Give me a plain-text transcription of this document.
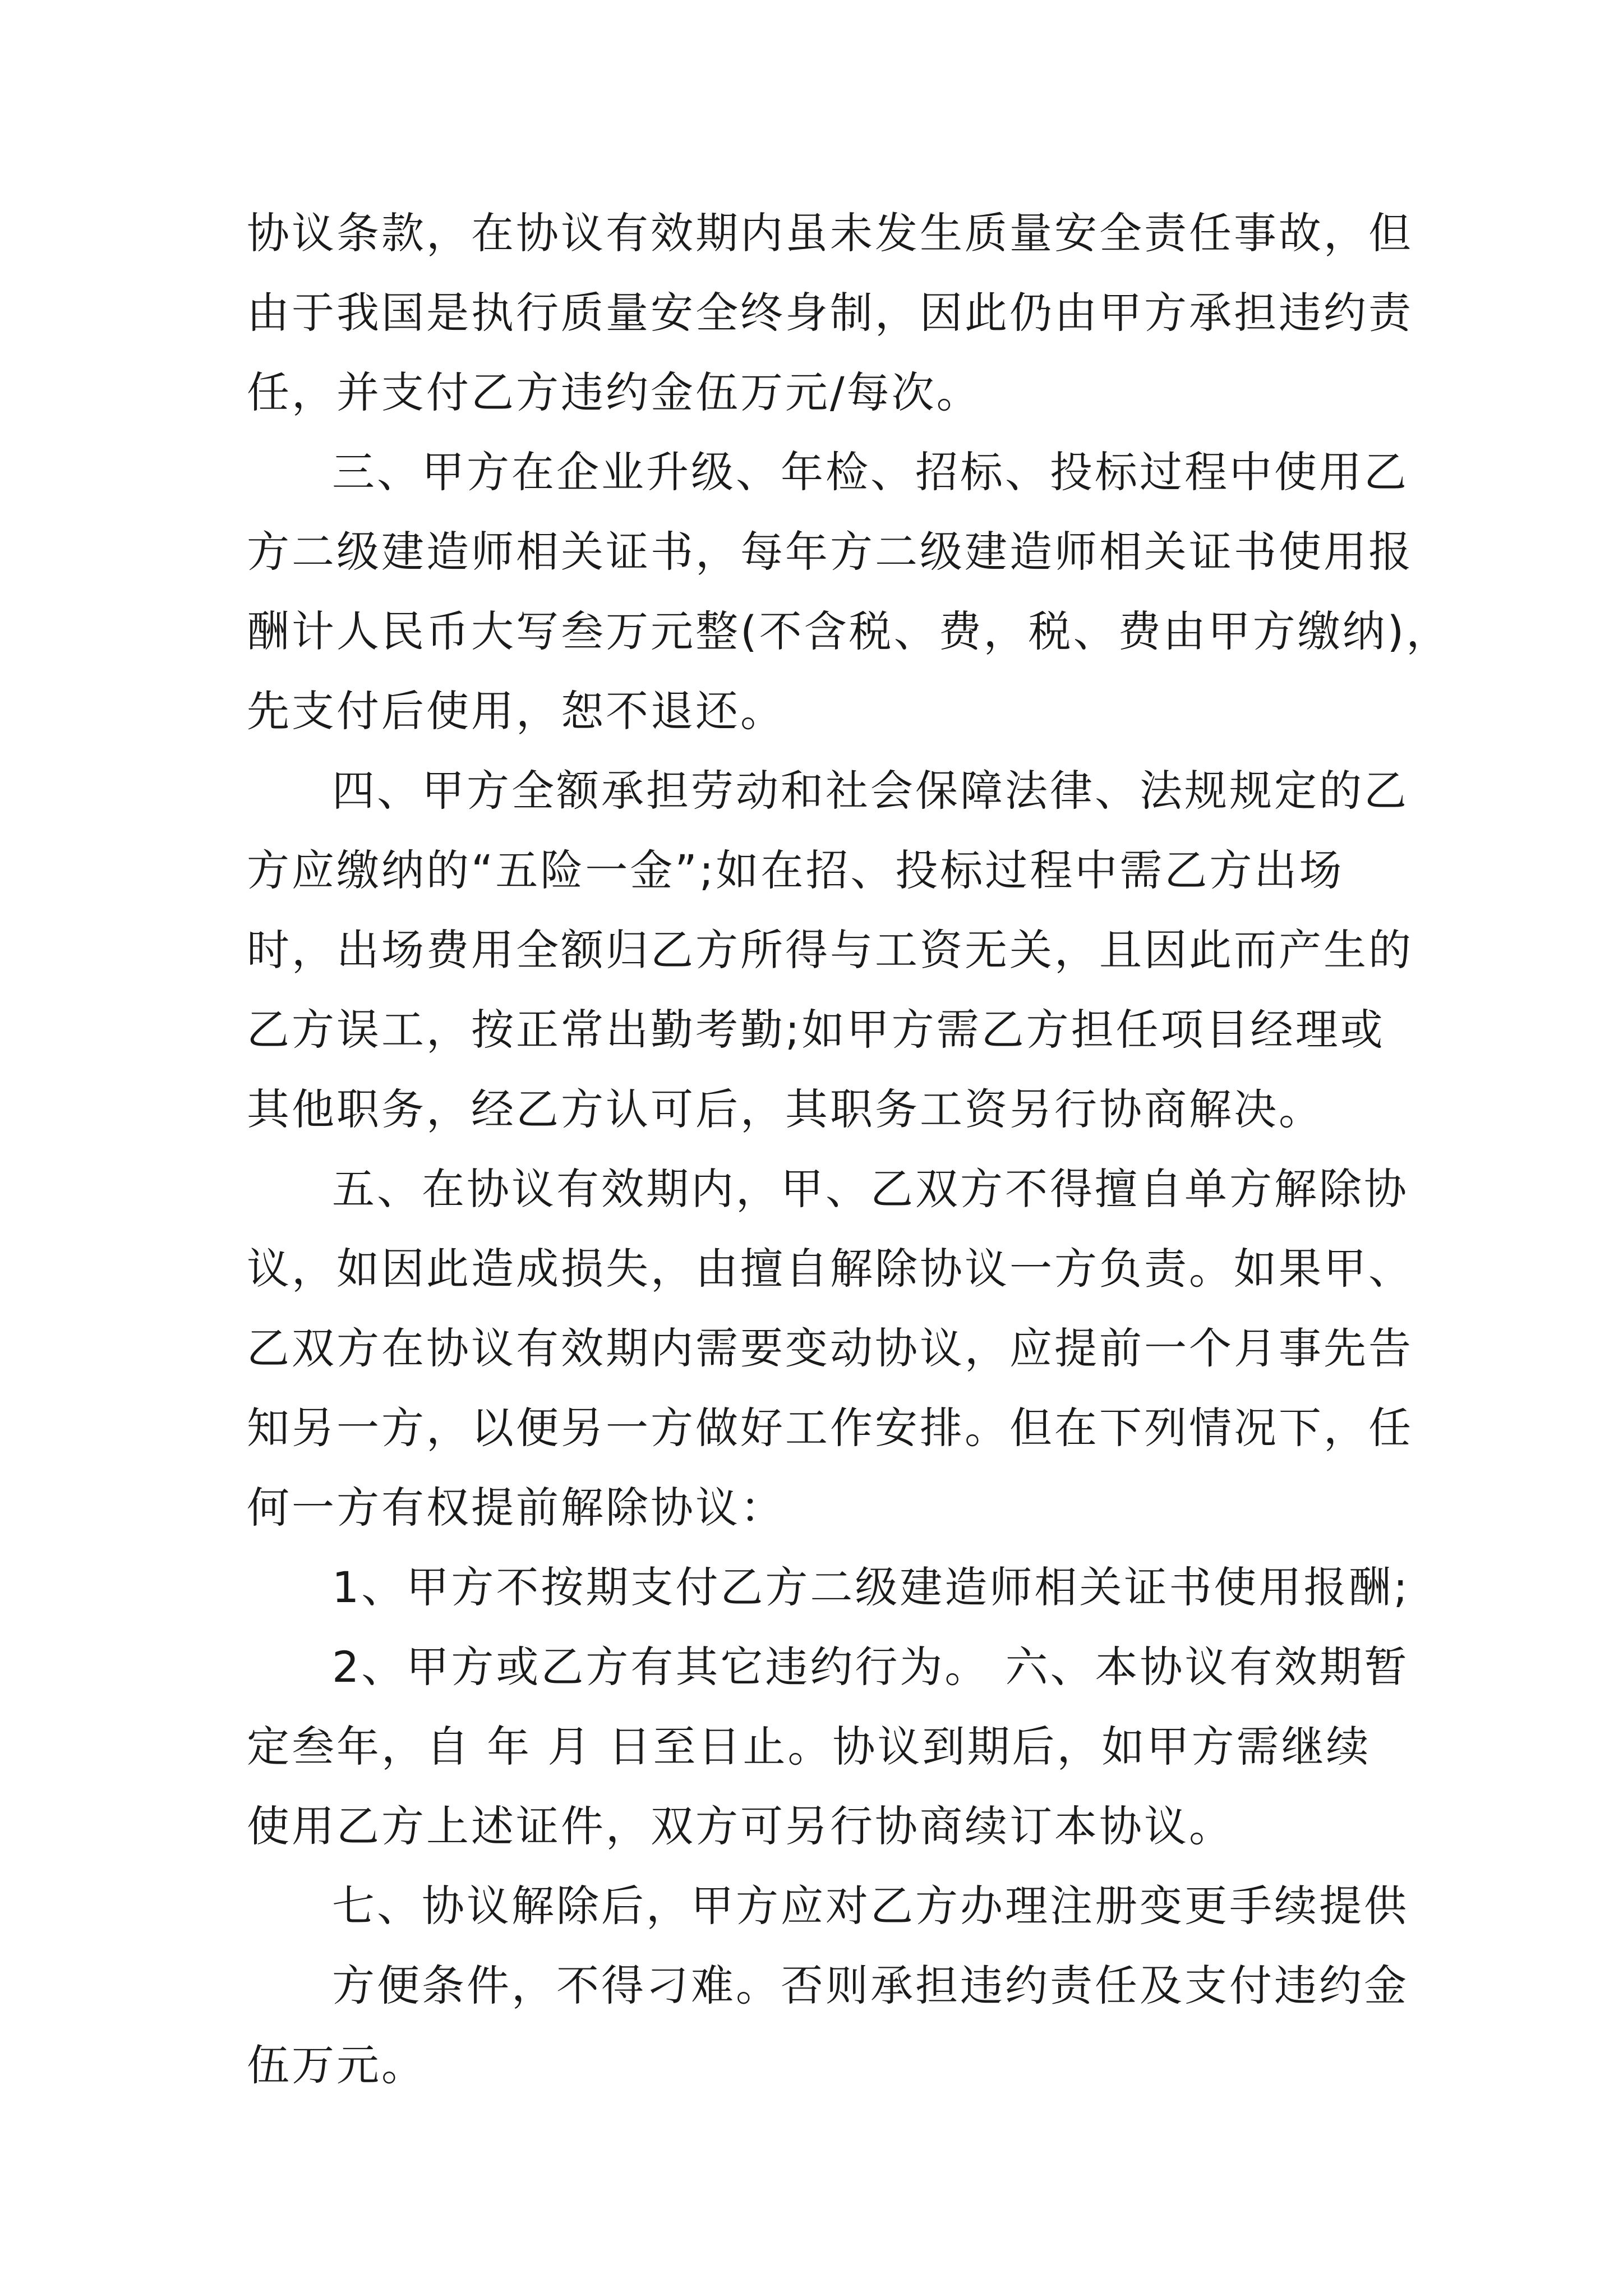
协议条款，在协议有效期内虽未发生质量安全责任事故，但
由于我国是执行质量安全终身制，因此仍由甲方承担违约责
任，并支付乙方违约金伍万元/每次。
三、甲方在企业升级、年检、招标、投标过程中使用乙
方二级建造师相关证书，每年方二级建造师相关证书使用报
酬计人民币大写叁万元整(不含税、费，税、费由甲方缴纳)，
先支付后使用，恕不退还。
四、甲方全额承担劳动和社会保障法律、法规规定的乙
方应缴纳的“五险一金”;如在招、投标过程中需乙方出场
时，出场费用全额归乙方所得与工资无关，且因此而产生的
乙方误工，按正常出勤考勤;如甲方需乙方担任项目经理或
其他职务，经乙方认可后，其职务工资另行协商解决。
五、在协议有效期内，甲、乙双方不得擅自单方解除协
议，如因此造成损失，由擅自解除协议一方负责。如果甲、
乙双方在协议有效期内需要变动协议，应提前一个月事先告
知另一方，以便另一方做好工作安排。但在下列情况下，任
何一方有权提前解除协议：
1、甲方不按期支付乙方二级建造师相关证书使用报酬;
2、甲方或乙方有其它违约行为。 六、本协议有效期暂
定叁年，自 年 月 日至日止。协议到期后，如甲方需继续
使用乙方上述证件，双方可另行协商续订本协议。
七、协议解除后，甲方应对乙方办理注册变更手续提供
方便条件，不得刁难。否则承担违约责任及支付违约金
伍万元。
